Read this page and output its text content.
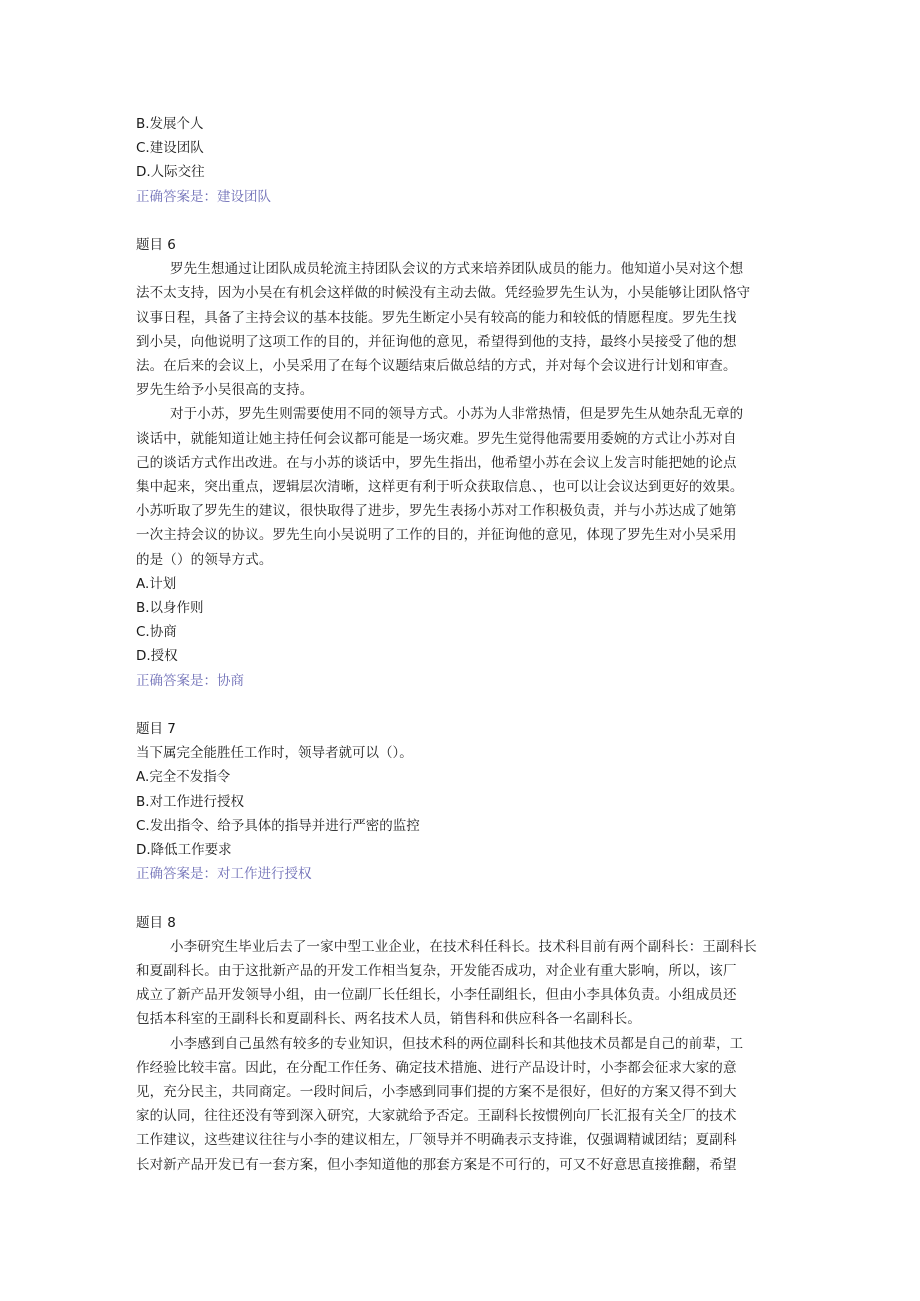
B.发展个人

C.建设团队

D.人际交往

正确答案是：建设团队

题目 6

罗先生想通过让团队成员轮流主持团队会议的方式来培养团队成员的能力。他知道小吴对这个想

法不太支持，因为小吴在有机会这样做的时候没有主动去做。凭经验罗先生认为，小吴能够让团队恪守

议事日程，具备了主持会议的基本技能。罗先生断定小吴有较高的能力和较低的情愿程度。罗先生找

到小吴，向他说明了这项工作的目的，并征询他的意见，希望得到他的支持，最终小吴接受了他的想

法。在后来的会议上，小吴采用了在每个议题结束后做总结的方式，并对每个会议进行计划和审查。

罗先生给予小吴很高的支持。

对于小苏，罗先生则需要使用不同的领导方式。小苏为人非常热情，但是罗先生从她杂乱无章的

谈话中，就能知道让她主持任何会议都可能是一场灾难。罗先生觉得他需要用委婉的方式让小苏对自

己的谈话方式作出改进。在与小苏的谈话中，罗先生指出，他希望小苏在会议上发言时能把她的论点

集中起来，突出重点，逻辑层次清晰，这样更有利于听众获取信息、，也可以让会议达到更好的效果。

小苏听取了罗先生的建议，很快取得了进步，罗先生表扬小苏对工作积极负责，并与小苏达成了她第

一次主持会议的协议。罗先生向小吴说明了工作的目的，并征询他的意见，体现了罗先生对小吴采用

的是（）的领导方式。

A.计划

B.以身作则

C.协商

D.授权

正确答案是：协商

题目 7

当下属完全能胜任工作时，领导者就可以（）。

A.完全不发指令

B.对工作进行授权

C.发出指令、给予具体的指导并进行严密的监控

D.降低工作要求

正确答案是：对工作进行授权

题目 8

小李研究生毕业后去了一家中型工业企业，在技术科任科长。技术科目前有两个副科长：王副科长

和夏副科长。由于这批新产品的开发工作相当复杂，开发能否成功，对企业有重大影响，所以，该厂

成立了新产品开发领导小组，由一位副厂长任组长，小李任副组长，但由小李具体负责。小组成员还

包括本科室的王副科长和夏副科长、两名技术人员，销售科和供应科各一名副科长。

小李感到自己虽然有较多的专业知识，但技术科的两位副科长和其他技术员都是自己的前辈，工

作经验比较丰富。因此，在分配工作任务、确定技术措施、进行产品设计时，小李都会征求大家的意

见，充分民主，共同商定。一段时间后，小李感到同事们提的方案不是很好，但好的方案又得不到大

家的认同，往往还没有等到深入研究，大家就给予否定。王副科长按惯例向厂长汇报有关全厂的技术

工作建议，这些建议往往与小李的建议相左，厂领导并不明确表示支持谁，仅强调精诚团结；夏副科

长对新产品开发已有一套方案，但小李知道他的那套方案是不可行的，可又不好意思直接推翻，希望
